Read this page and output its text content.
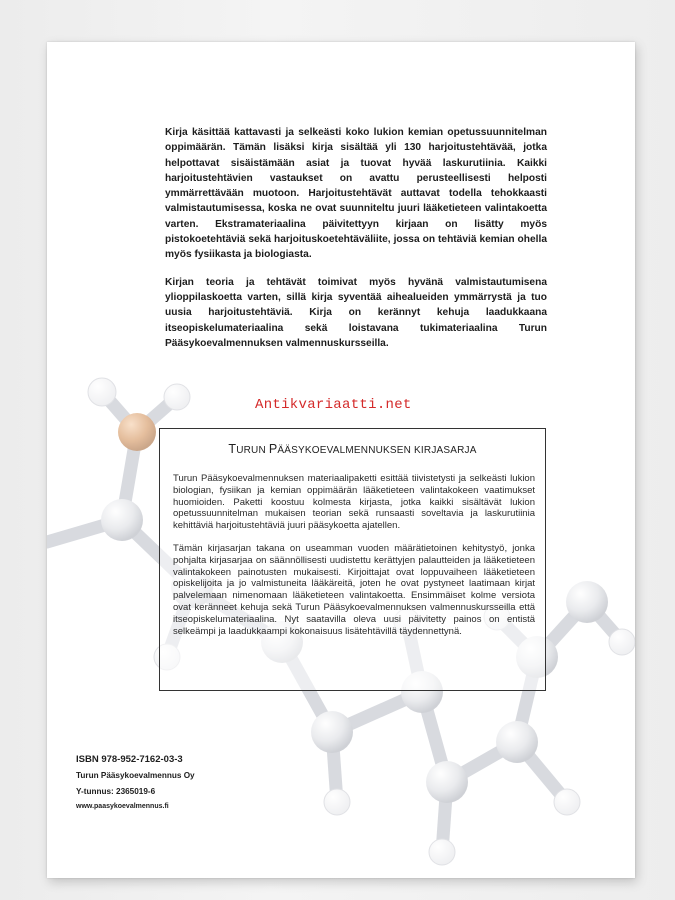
Kirja käsittää kattavasti ja selkeästi koko lukion kemian opetussuunnitelman oppimäärän. Tämän lisäksi kirja sisältää yli 130 harjoitustehtävää, jotka helpottavat sisäistämään asiat ja tuovat hyvää laskurutiinia. Kaikki harjoitustehtävien vastaukset on avattu perusteellisesti helposti ymmärrettävään muotoon. Harjoitustehtävät auttavat todella tehokkaasti valmistautumisessa, koska ne ovat suunniteltu juuri lääketieteen valintakoetta varten. Ekstramateriaalina päivitettyyn kirjaan on lisätty myös pistokoetehtäviä sekä harjoituskoetehtäväliite, jossa on tehtäviä kemian ohella myös fysiikasta ja biologiasta.

Kirjan teoria ja tehtävät toimivat myös hyvänä valmistautumisena ylioppilaskoetta varten, sillä kirja syventää aihealueiden ymmärrystä ja tuo uusia harjoitustehtäviä. Kirja on kerännyt kehuja laadukkaana itseopiskelumateriaalina sekä loistavana tukimateriaalina Turun Pääsykoevalmennuksen valmennuskursseilla.

Antikvariaatti.net
TURUN PÄÄSYKOEVALMENNUKSEN KIRJASARJA

Turun Pääsykoevalmennuksen materiaalipaketti esittää tiivistetysti ja selkeästi lukion biologian, fysiikan ja kemian oppimäärän lääketieteen valintakokeen vaatimukset huomioiden. Paketti koostuu kolmesta kirjasta, jotka kaikki sisältävät lukion opetussuunnitelman mukaisen teorian sekä runsaasti soveltavia ja laskurutiinia kehittäviä harjoitustehtäviä juuri pääsykoetta ajatellen.

Tämän kirjasarjan takana on useamman vuoden määrätietoinen kehitystyö, jonka pohjalta kirjasarjaa on säännöllisesti uudistettu kerättyjen palautteiden ja lääketieteen valintakokeen painotusten mukaisesti. Kirjoittajat ovat loppuvaiheen lääketieteen opiskelijoita ja jo valmistuneita lääkäreitä, joten he ovat pystyneet laatimaan kirjat palvelemaan nimenomaan lääketieteen valintakoetta. Ensimmäiset kolme versiota ovat keränneet kehuja sekä Turun Pääsykoevalmennuksen valmennuskursseilla että itseopiskelumateriaalina. Nyt saatavilla oleva uusi päivitetty painos on entistä selkeämpi ja laadukkaampi kokonaisuus lisätehtävillä täydennettynä.

ISBN 978-952-7162-03-3
Turun Pääsykoevalmennus Oy
Y-tunnus: 2365019-6
www.paasykoevalmennus.fi
